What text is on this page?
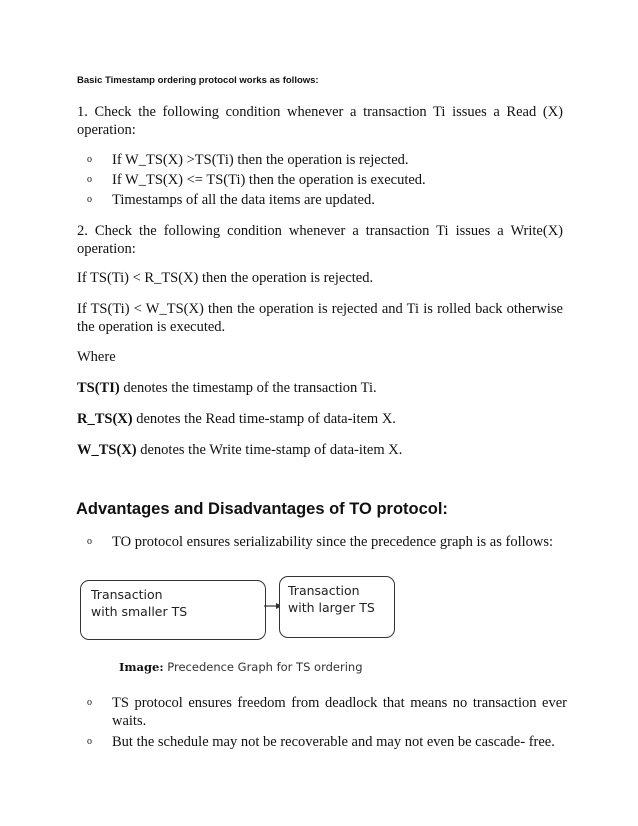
Basic Timestamp ordering protocol works as follows:
1. Check the following condition whenever a transaction Ti issues a Read (X) operation:
o	If W_TS(X) >TS(Ti) then the operation is rejected.
o	If W_TS(X) <= TS(Ti) then the operation is executed.
o	Timestamps of all the data items are updated.
2. Check the following condition whenever a transaction Ti issues a Write(X) operation:
If TS(Ti) < R_TS(X) then the operation is rejected.
If TS(Ti) < W_TS(X) then the operation is rejected and Ti is rolled back otherwise the operation is executed.
Where
TS(TI) denotes the timestamp of the transaction Ti.
R_TS(X) denotes the Read time-stamp of data-item X.
W_TS(X) denotes the Write time-stamp of data-item X.
Advantages and Disadvantages of TO protocol:
o	TO protocol ensures serializability since the precedence graph is as follows:
Transaction
with smaller TS
Transaction
with larger TS
Image: Precedence Graph for TS ordering
o	TS protocol ensures freedom from deadlock that means no transaction ever waits.
o	But the schedule may not be recoverable and may not even be cascade- free.
